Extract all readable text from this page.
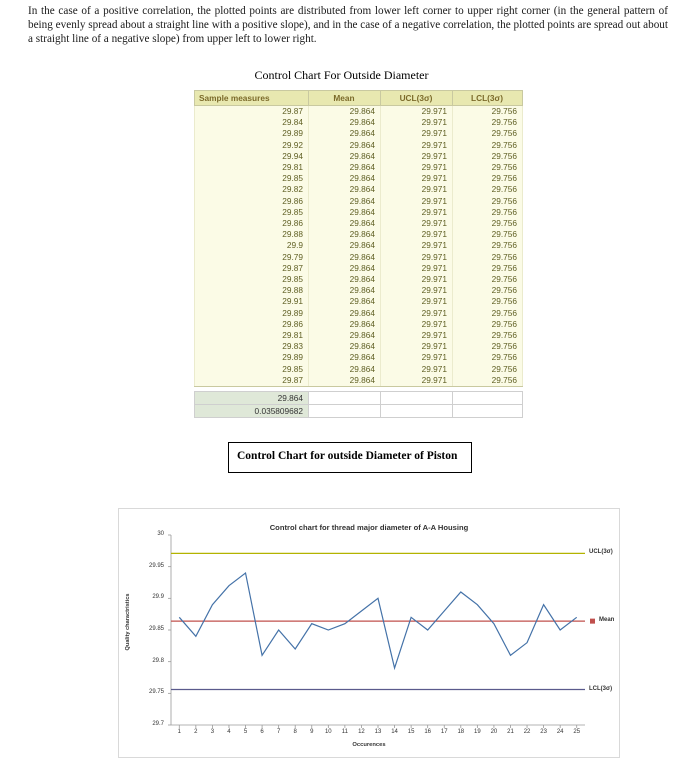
In the case of a positive correlation, the plotted points are distributed from lower left corner to upper right corner (in the general pattern of being evenly spread about a straight line with a positive slope), and in the case of a negative correlation, the plotted points are spread out about a straight line of a negative slope) from upper left to lower right.
Control Chart For Outside Diameter
Sample measures	Mean	UCL(3σ)	LCL(3σ)
29.87	29.864	29.971	29.756
29.84	29.864	29.971	29.756
29.89	29.864	29.971	29.756
29.92	29.864	29.971	29.756
29.94	29.864	29.971	29.756
29.81	29.864	29.971	29.756
29.85	29.864	29.971	29.756
29.82	29.864	29.971	29.756
29.86	29.864	29.971	29.756
29.85	29.864	29.971	29.756
29.86	29.864	29.971	29.756
29.88	29.864	29.971	29.756
29.9	29.864	29.971	29.756
29.79	29.864	29.971	29.756
29.87	29.864	29.971	29.756
29.85	29.864	29.971	29.756
29.88	29.864	29.971	29.756
29.91	29.864	29.971	29.756
29.89	29.864	29.971	29.756
29.86	29.864	29.971	29.756
29.81	29.864	29.971	29.756
29.83	29.864	29.971	29.756
29.89	29.864	29.971	29.756
29.85	29.864	29.971	29.756
29.87	29.864	29.971	29.756
29.864			
0.035809682			
Control Chart for outside Diameter of Piston
Control chart for thread major diameter of A-A Housing
Quality charactristics
Occurences
29.7
29.75
29.8
29.85
29.9
29.95
30
1	2	3	4	5	6	7	8	9	10	11	12	13	14	15	16	17	18	19	20	21	22	23	24	25
Mean
UCL(3σ)
LCL(3σ)
